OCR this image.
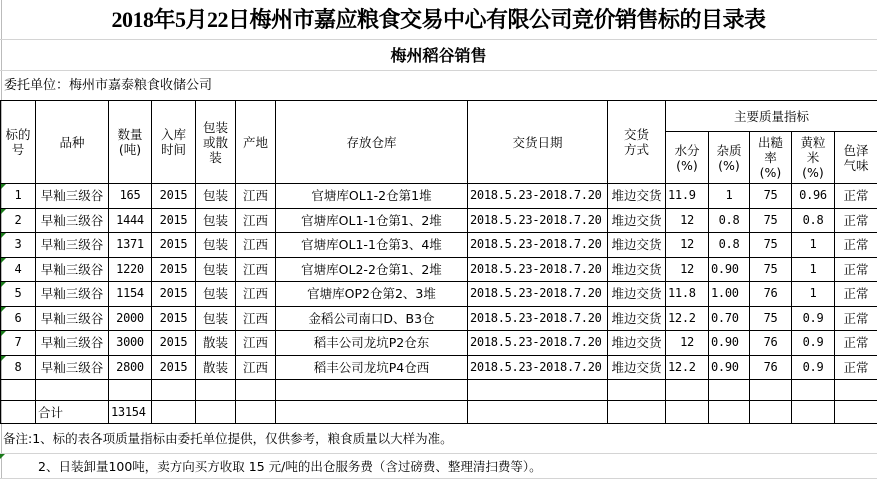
2018年5月22日梅州市嘉应粮食交易中心有限公司竞价销售标的目录表
梅州稻谷销售
委托单位：梅州市嘉泰粮食收储公司
标的号	品种	数量(吨)	入库时间	包装或散装	产地	存放仓库	交货日期	交货方式	主要质量指标				
									水分(%)	杂质(%)	出糙率(%)	黄粒米(%)	色泽气味

1	早籼三级谷	165	2015	包装	江西	官塘库OL1-2仓第1堆	2018.5.23-2018.7.20	堆边交货	11.9	1	75	0.96	正常

2	早籼三级谷	1444	2015	包装	江西	官塘库OL1-1仓第1、2堆	2018.5.23-2018.7.20	堆边交货	12	0.8	75	0.8	正常

3	早籼三级谷	1371	2015	包装	江西	官塘库OL1-1仓第3、4堆	2018.5.23-2018.7.20	堆边交货	12	0.8	75	1	正常

4	早籼三级谷	1220	2015	包装	江西	官塘库OL2-2仓第1、2堆	2018.5.23-2018.7.20	堆边交货	12	0.90	75	1	正常

5	早籼三级谷	1154	2015	包装	江西	官塘库OP2仓第2、3堆	2018.5.23-2018.7.20	堆边交货	11.8	1.00	76	1	正常

6	早籼三级谷	2000	2015	包装	江西	金稻公司南口D、B3仓	2018.5.23-2018.7.20	堆边交货	12.2	0.70	75	0.9	正常

7	早籼三级谷	3000	2015	散装	江西	稻丰公司龙坑P2仓东	2018.5.23-2018.7.20	堆边交货	12	0.90	76	0.9	正常

8	早籼三级谷	2800	2015	散装	江西	稻丰公司龙坑P4仓西	2018.5.23-2018.7.20	堆边交货	12.2	0.90	76	0.9	正常

	合计	13154											
备注:1、标的表各项质量指标由委托单位提供，仅供参考，粮食质量以大样为准。
2、日装卸量100吨，卖方向买方收取 15 元/吨的出仓服务费（含过磅费、整理清扫费等）。
